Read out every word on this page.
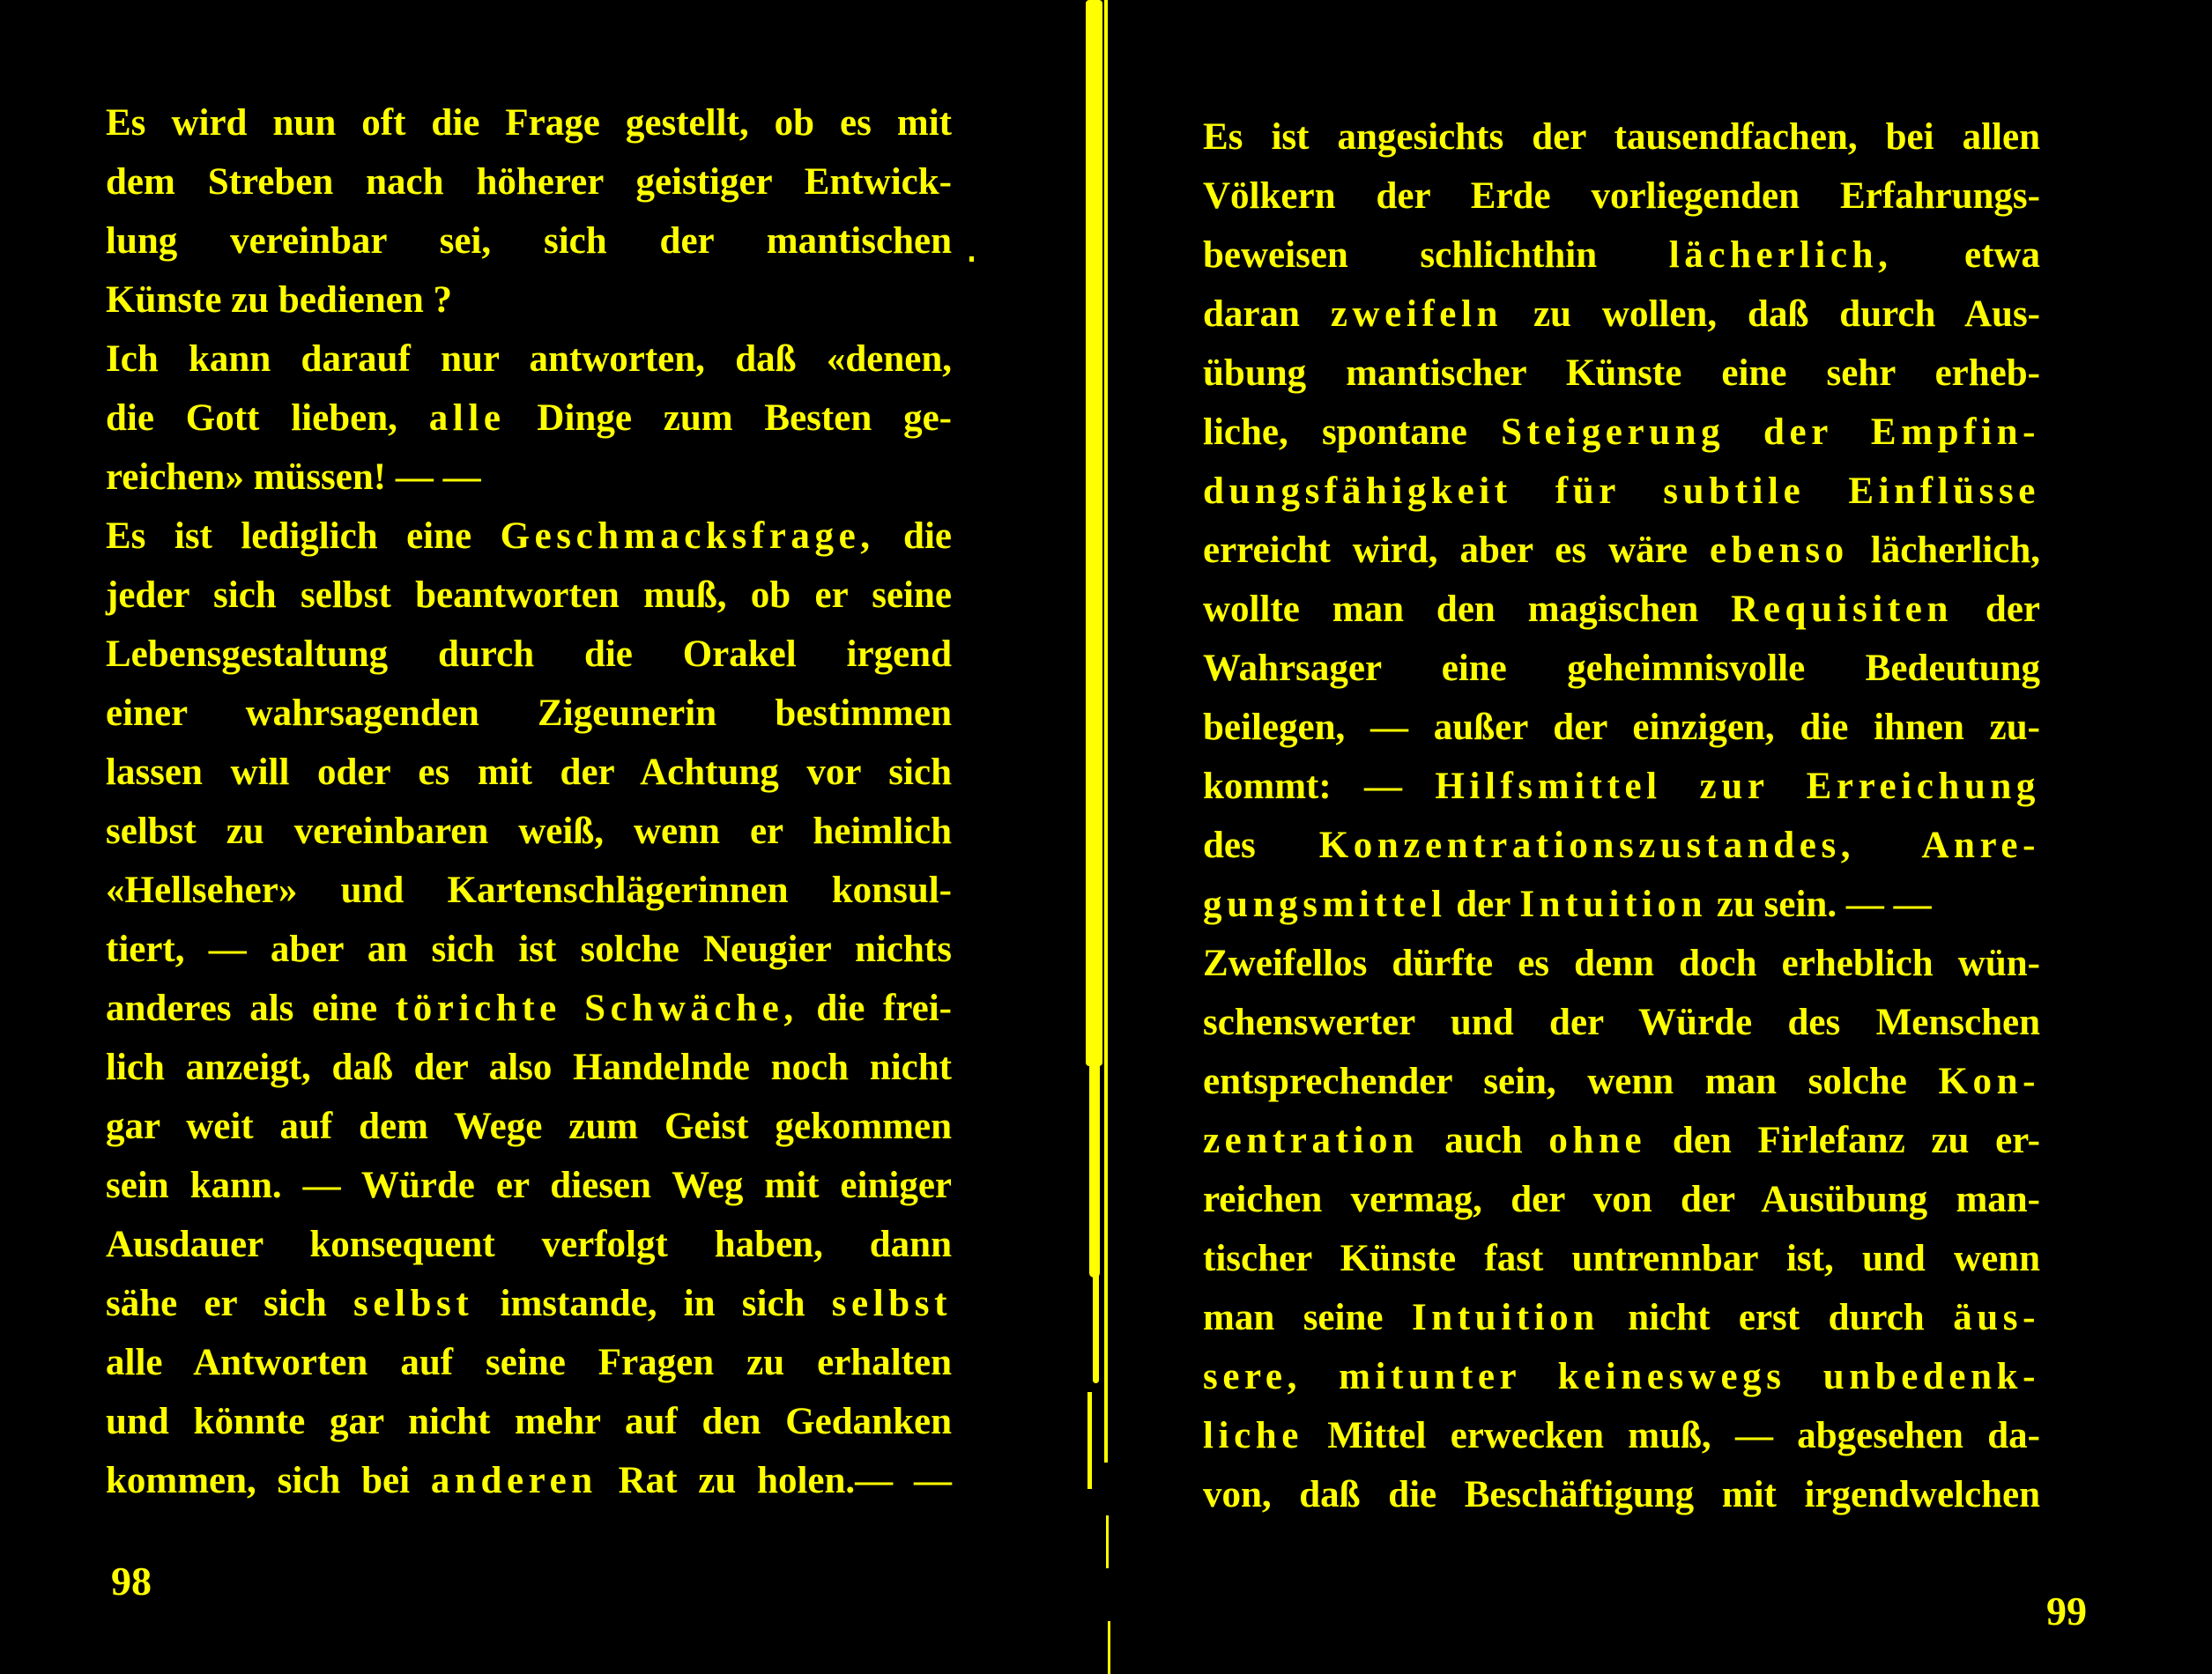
Es wird nun oft die Frage gestellt, ob es mit
dem Streben nach höherer geistiger Entwick-
lung vereinbar sei, sich der mantischen
Künste zu bedienen ?
Ich kann darauf nur antworten, daß «denen,
die Gott lieben, alle Dinge zum Besten ge-
reichen» müssen! — —
Es ist lediglich eine Geschmacksfrage, die
jeder sich selbst beantworten muß, ob er seine
Lebensgestaltung durch die Orakel irgend
einer wahrsagenden Zigeunerin bestimmen
lassen will oder es mit der Achtung vor sich
selbst zu vereinbaren weiß, wenn er heimlich
«Hellseher» und Kartenschlägerinnen konsul-
tiert, — aber an sich ist solche Neugier nichts
anderes als eine törichte Schwäche, die frei-
lich anzeigt, daß der also Handelnde noch nicht
gar weit auf dem Wege zum Geist gekommen
sein kann. — Würde er diesen Weg mit einiger
Ausdauer konsequent verfolgt haben, dann
sähe er sich selbst imstande, in sich selbst
alle Antworten auf seine Fragen zu erhalten
und könnte gar nicht mehr auf den Gedanken
kommen, sich bei anderen Rat zu holen.— —
Es ist angesichts der tausendfachen, bei allen
Völkern der Erde vorliegenden Erfahrungs-
beweisen schlichthin lächerlich, etwa
daran zweifeln zu wollen, daß durch Aus-
übung mantischer Künste eine sehr erheb-
liche, spontane Steigerung der Empfin-
dungsfähigkeit für subtile Einflüsse
erreicht wird, aber es wäre ebenso lächerlich,
wollte man den magischen Requisiten der
Wahrsager eine geheimnisvolle Bedeutung
beilegen, — außer der einzigen, die ihnen zu-
kommt: — Hilfsmittel zur Erreichung
des Konzentrationszustandes, Anre-
gungsmittel der Intuition zu sein. — —
Zweifellos dürfte es denn doch erheblich wün-
schenswerter und der Würde des Menschen
entsprechender sein, wenn man solche Kon-
zentration auch ohne den Firlefanz zu er-
reichen vermag, der von der Ausübung man-
tischer Künste fast untrennbar ist, und wenn
man seine Intuition nicht erst durch äus-
sere, mitunter keineswegs unbedenk-
liche Mittel erwecken muß, — abgesehen da-
von, daß die Beschäftigung mit irgendwelchen
98
99
